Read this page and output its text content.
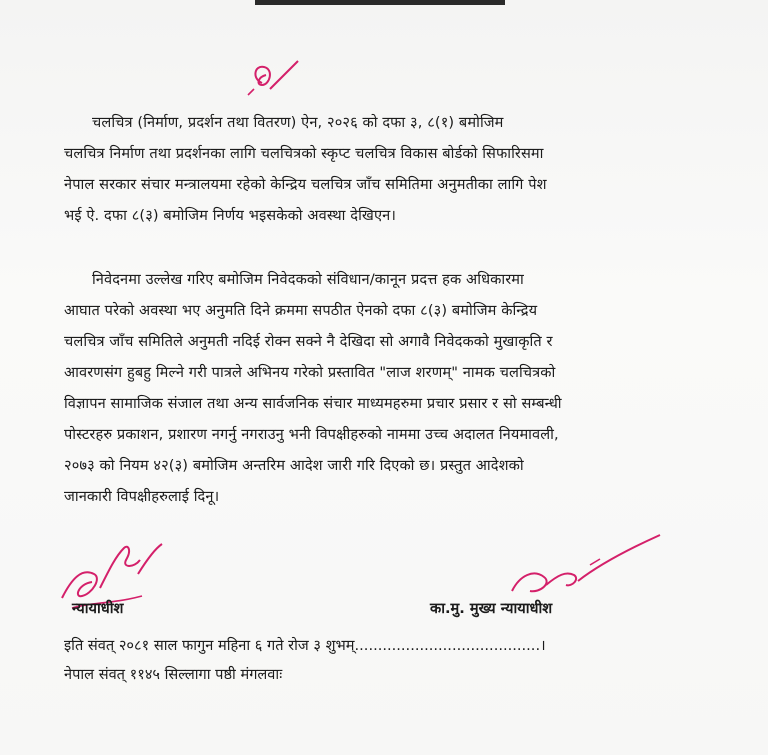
चलचित्र (निर्माण, प्रदर्शन तथा वितरण) ऐन, २०२६ को दफा ३, ८(१) बमोजिम
चलचित्र निर्माण तथा प्रदर्शनका लागि चलचित्रको स्कृप्ट चलचित्र विकास बोर्डको सिफारिसमा
नेपाल सरकार संचार मन्त्रालयमा रहेको केन्द्रिय चलचित्र जाँच समितिमा अनुमतीका लागि पेश
भई ऐ. दफा ८(३) बमोजिम निर्णय भइसकेको अवस्था देखिएन।
निवेदनमा उल्लेख गरिए बमोजिम निवेदकको संविधान/कानून प्रदत्त हक अधिकारमा
आघात परेको अवस्था भए अनुमति दिने क्रममा सपठीत ऐनको दफा ८(३) बमोजिम केन्द्रिय
चलचित्र जाँच समितिले अनुमती नदिई रोक्न सक्ने नै देखिदा सो अगावै निवेदकको मुखाकृति र
आवरणसंग हुबहु मिल्ने गरी पात्रले अभिनय गरेको प्रस्तावित "लाज शरणम्" नामक चलचित्रको
विज्ञापन सामाजिक संजाल तथा अन्य सार्वजनिक संचार माध्यमहरुमा प्रचार प्रसार र सो सम्बन्धी
पोस्टरहरु प्रकाशन, प्रशारण नगर्नु नगराउनु भनी विपक्षीहरुको नाममा उच्च अदालत नियमावली,
२०७३ को नियम ४२(३) बमोजिम अन्तरिम आदेश जारी गरि दिएको छ। प्रस्तुत आदेशको
जानकारी विपक्षीहरुलाई दिनू।
न्यायाधीश	का.मु. मुख्य न्यायाधीश
इति संवत् २०८१ साल फागुन महिना ६ गते रोज ३ शुभम्........................................।
नेपाल संवत् ११४५ सिल्लागा पष्ठी मंगलवाः
